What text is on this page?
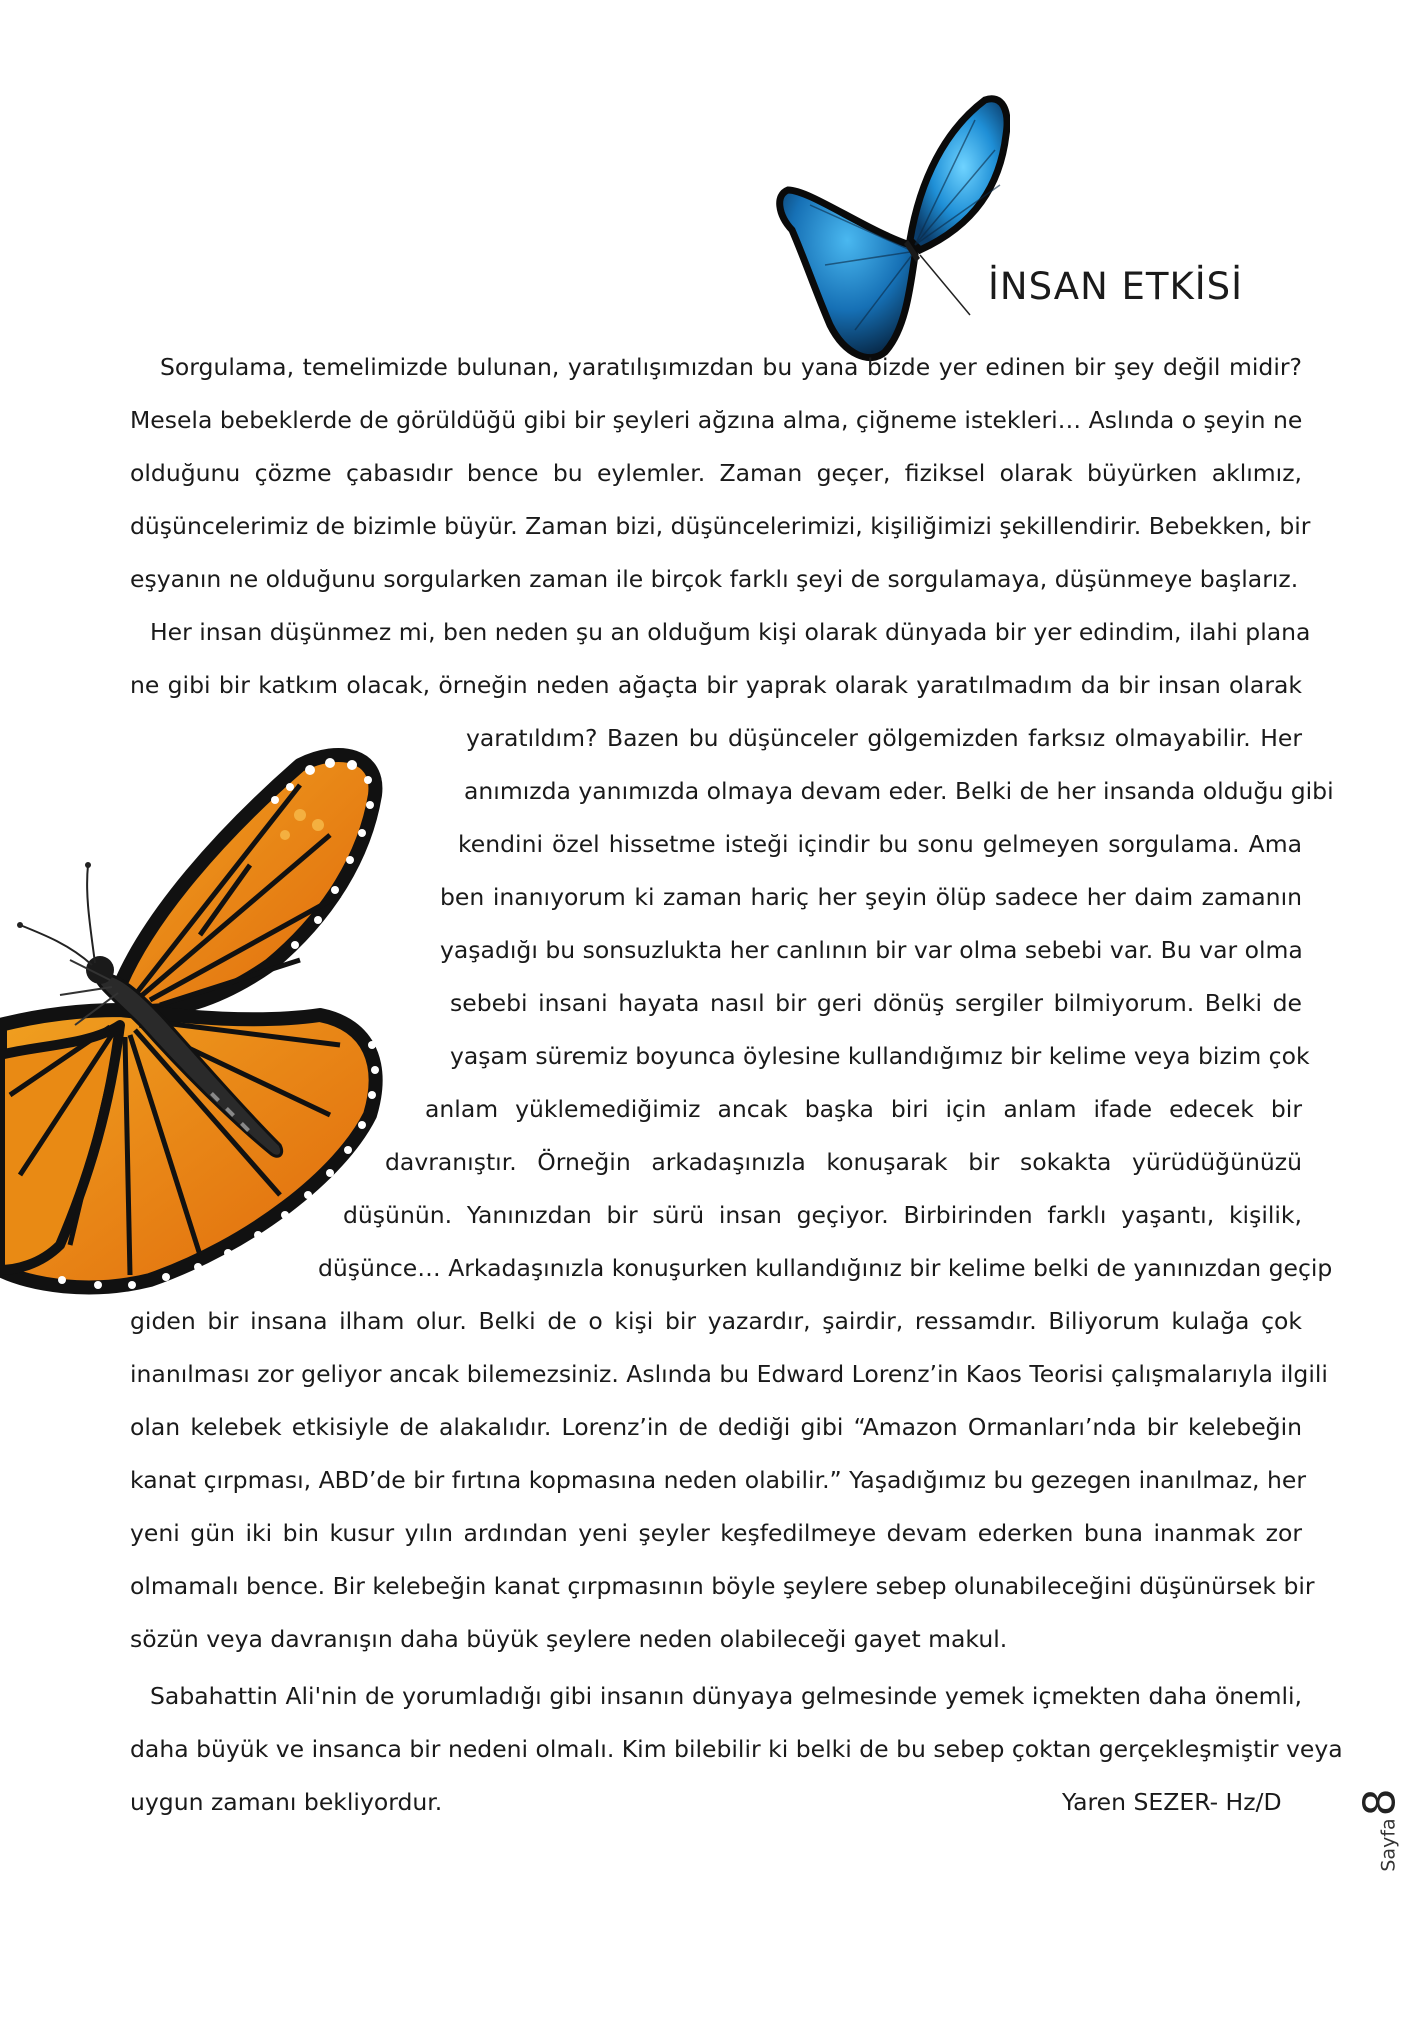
İNSAN ETKİSİ
Sorgulama, temelimizde bulunan, yaratılışımızdan bu yana bizde yer edinen bir şey değil midir?
Mesela bebeklerde de görüldüğü gibi bir şeyleri ağzına alma, çiğneme istekleri… Aslında o şeyin ne
olduğunu çözme çabasıdır bence bu eylemler. Zaman geçer, fiziksel olarak büyürken aklımız,
düşüncelerimiz de bizimle büyür. Zaman bizi, düşüncelerimizi, kişiliğimizi şekillendirir. Bebekken, bir
eşyanın ne olduğunu sorgularken zaman ile birçok farklı şeyi de sorgulamaya, düşünmeye başlarız.
Her insan düşünmez mi, ben neden şu an olduğum kişi olarak dünyada bir yer edindim, ilahi plana
ne gibi bir katkım olacak, örneğin neden ağaçta bir yaprak olarak yaratılmadım da bir insan olarak
yaratıldım? Bazen bu düşünceler gölgemizden farksız olmayabilir. Her
anımızda yanımızda olmaya devam eder. Belki de her insanda olduğu gibi
kendini özel hissetme isteği içindir bu sonu gelmeyen sorgulama. Ama
ben inanıyorum ki zaman hariç her şeyin ölüp sadece her daim zamanın
yaşadığı bu sonsuzlukta her canlının bir var olma sebebi var. Bu var olma
sebebi insani hayata nasıl bir geri dönüş sergiler bilmiyorum. Belki de
yaşam süremiz boyunca öylesine kullandığımız bir kelime veya bizim çok
anlam yüklemediğimiz ancak başka biri için anlam ifade edecek bir
davranıştır. Örneğin arkadaşınızla konuşarak bir sokakta yürüdüğünüzü
düşünün. Yanınızdan bir sürü insan geçiyor. Birbirinden farklı yaşantı, kişilik,
düşünce… Arkadaşınızla konuşurken kullandığınız bir kelime belki de yanınızdan geçip
giden bir insana ilham olur. Belki de o kişi bir yazardır, şairdir, ressamdır. Biliyorum kulağa çok
inanılması zor geliyor ancak bilemezsiniz. Aslında bu Edward Lorenz’in Kaos Teorisi çalışmalarıyla ilgili
olan kelebek etkisiyle de alakalıdır. Lorenz’in de dediği gibi “Amazon Ormanları’nda bir kelebeğin
kanat çırpması, ABD’de bir fırtına kopmasına neden olabilir.” Yaşadığımız bu gezegen inanılmaz, her
yeni gün iki bin kusur yılın ardından yeni şeyler keşfedilmeye devam ederken buna inanmak zor
olmamalı bence. Bir kelebeğin kanat çırpmasının böyle şeylere sebep olunabileceğini düşünürsek bir
sözün veya davranışın daha büyük şeylere neden olabileceği gayet makul.
Sabahattin Ali'nin de yorumladığı gibi insanın dünyaya gelmesinde yemek içmekten daha önemli,
daha büyük ve insanca bir nedeni olmalı. Kim bilebilir ki belki de bu sebep çoktan gerçekleşmiştir veya
uygun zamanı bekliyordur.	Yaren SEZER- Hz/D
Sayfa
8
